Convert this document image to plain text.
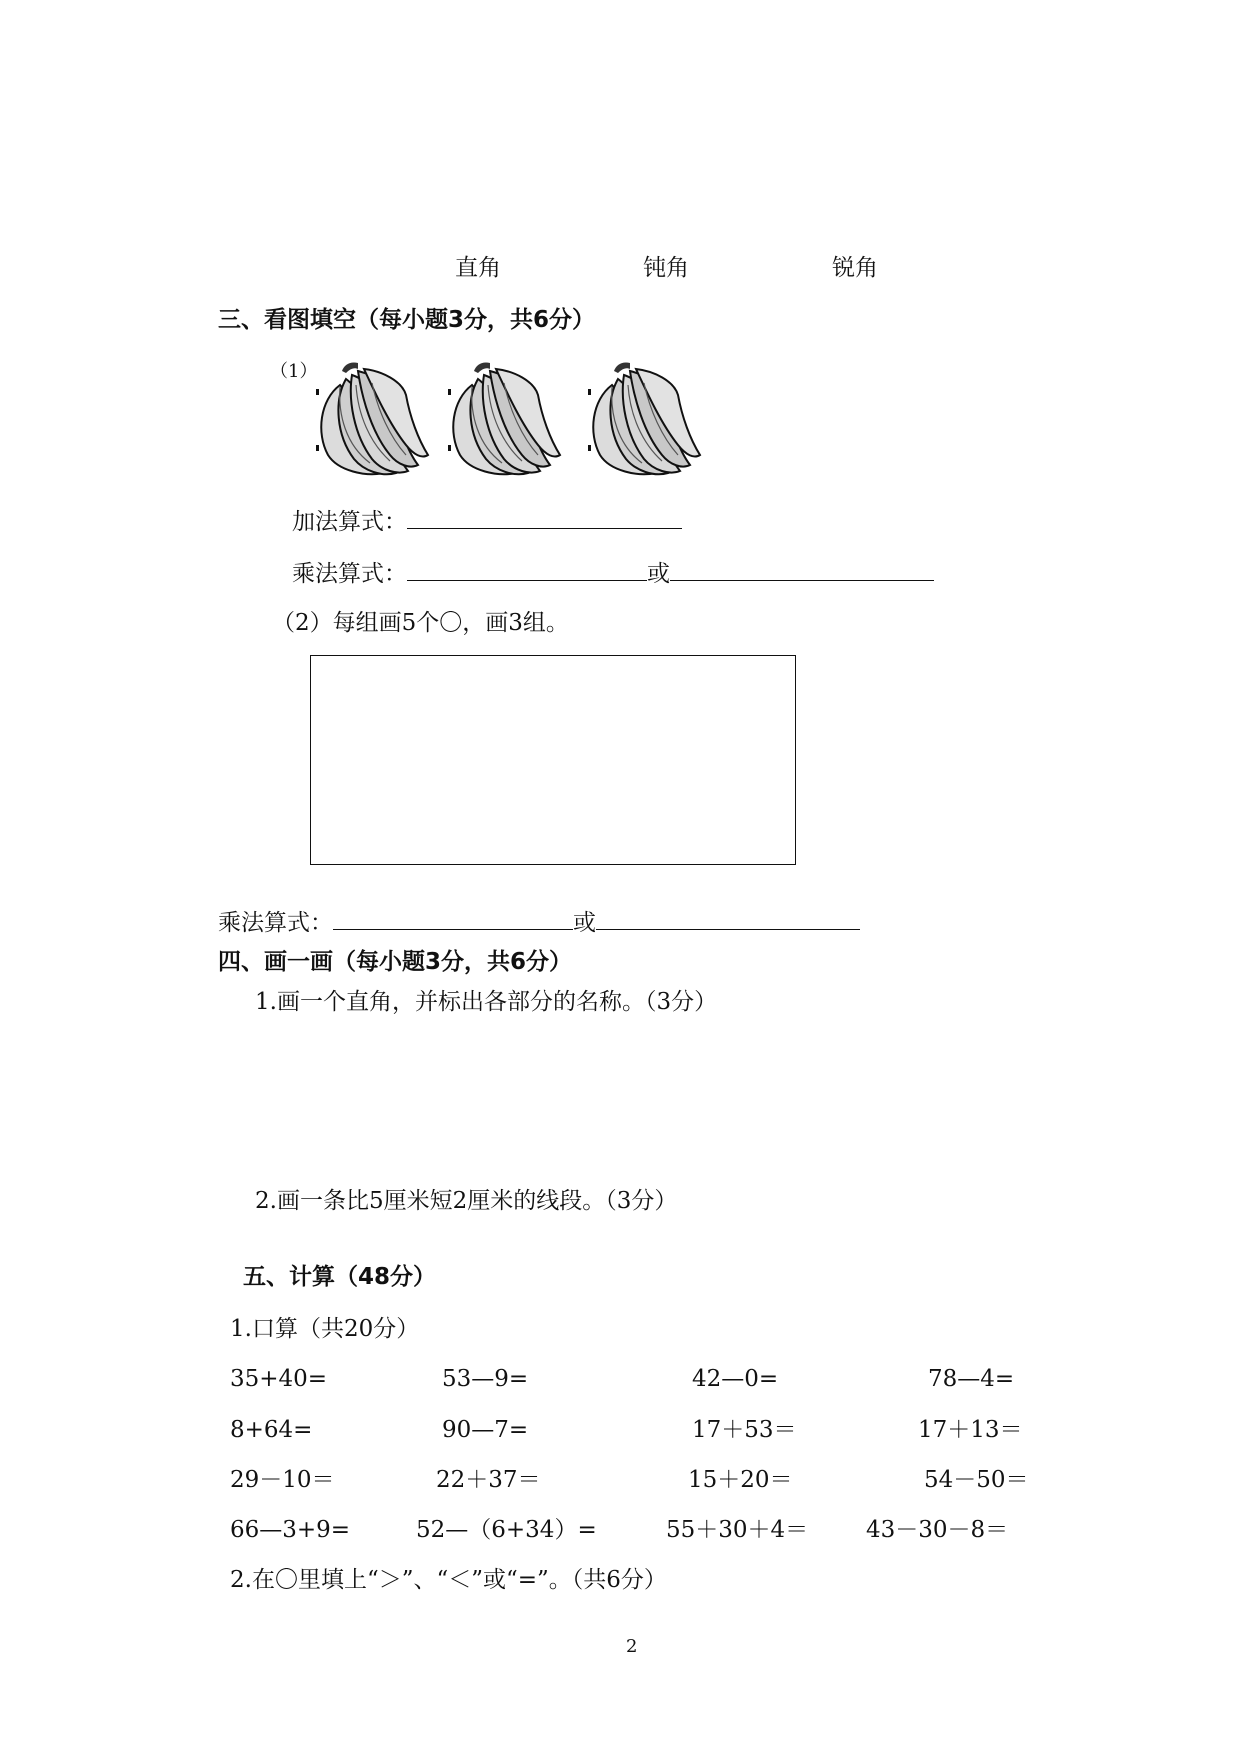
直角	钝角	锐角
三、看图填空（每小题3分，共6分）
（1）
加法算式：
乘法算式：	或
（2）每组画5个〇，画3组。
乘法算式：	或
四、画一画（每小题3分，共6分）
1.画一个直角，并标出各部分的名称。（3分）
2.画一条比5厘米短2厘米的线段。（3分）
五、计算（48分）
1.口算（共20分）
35+40=	53—9=	42—0=	78—4=
8+64=	90—7=	17＋53＝	17＋13＝
29－10＝	22＋37＝	15＋20＝	54－50＝
66—3+9=	52—（6+34）=	55＋30＋4＝	43－30－8＝
2.在〇里填上“＞”、“＜”或“=”。（共6分）
2
